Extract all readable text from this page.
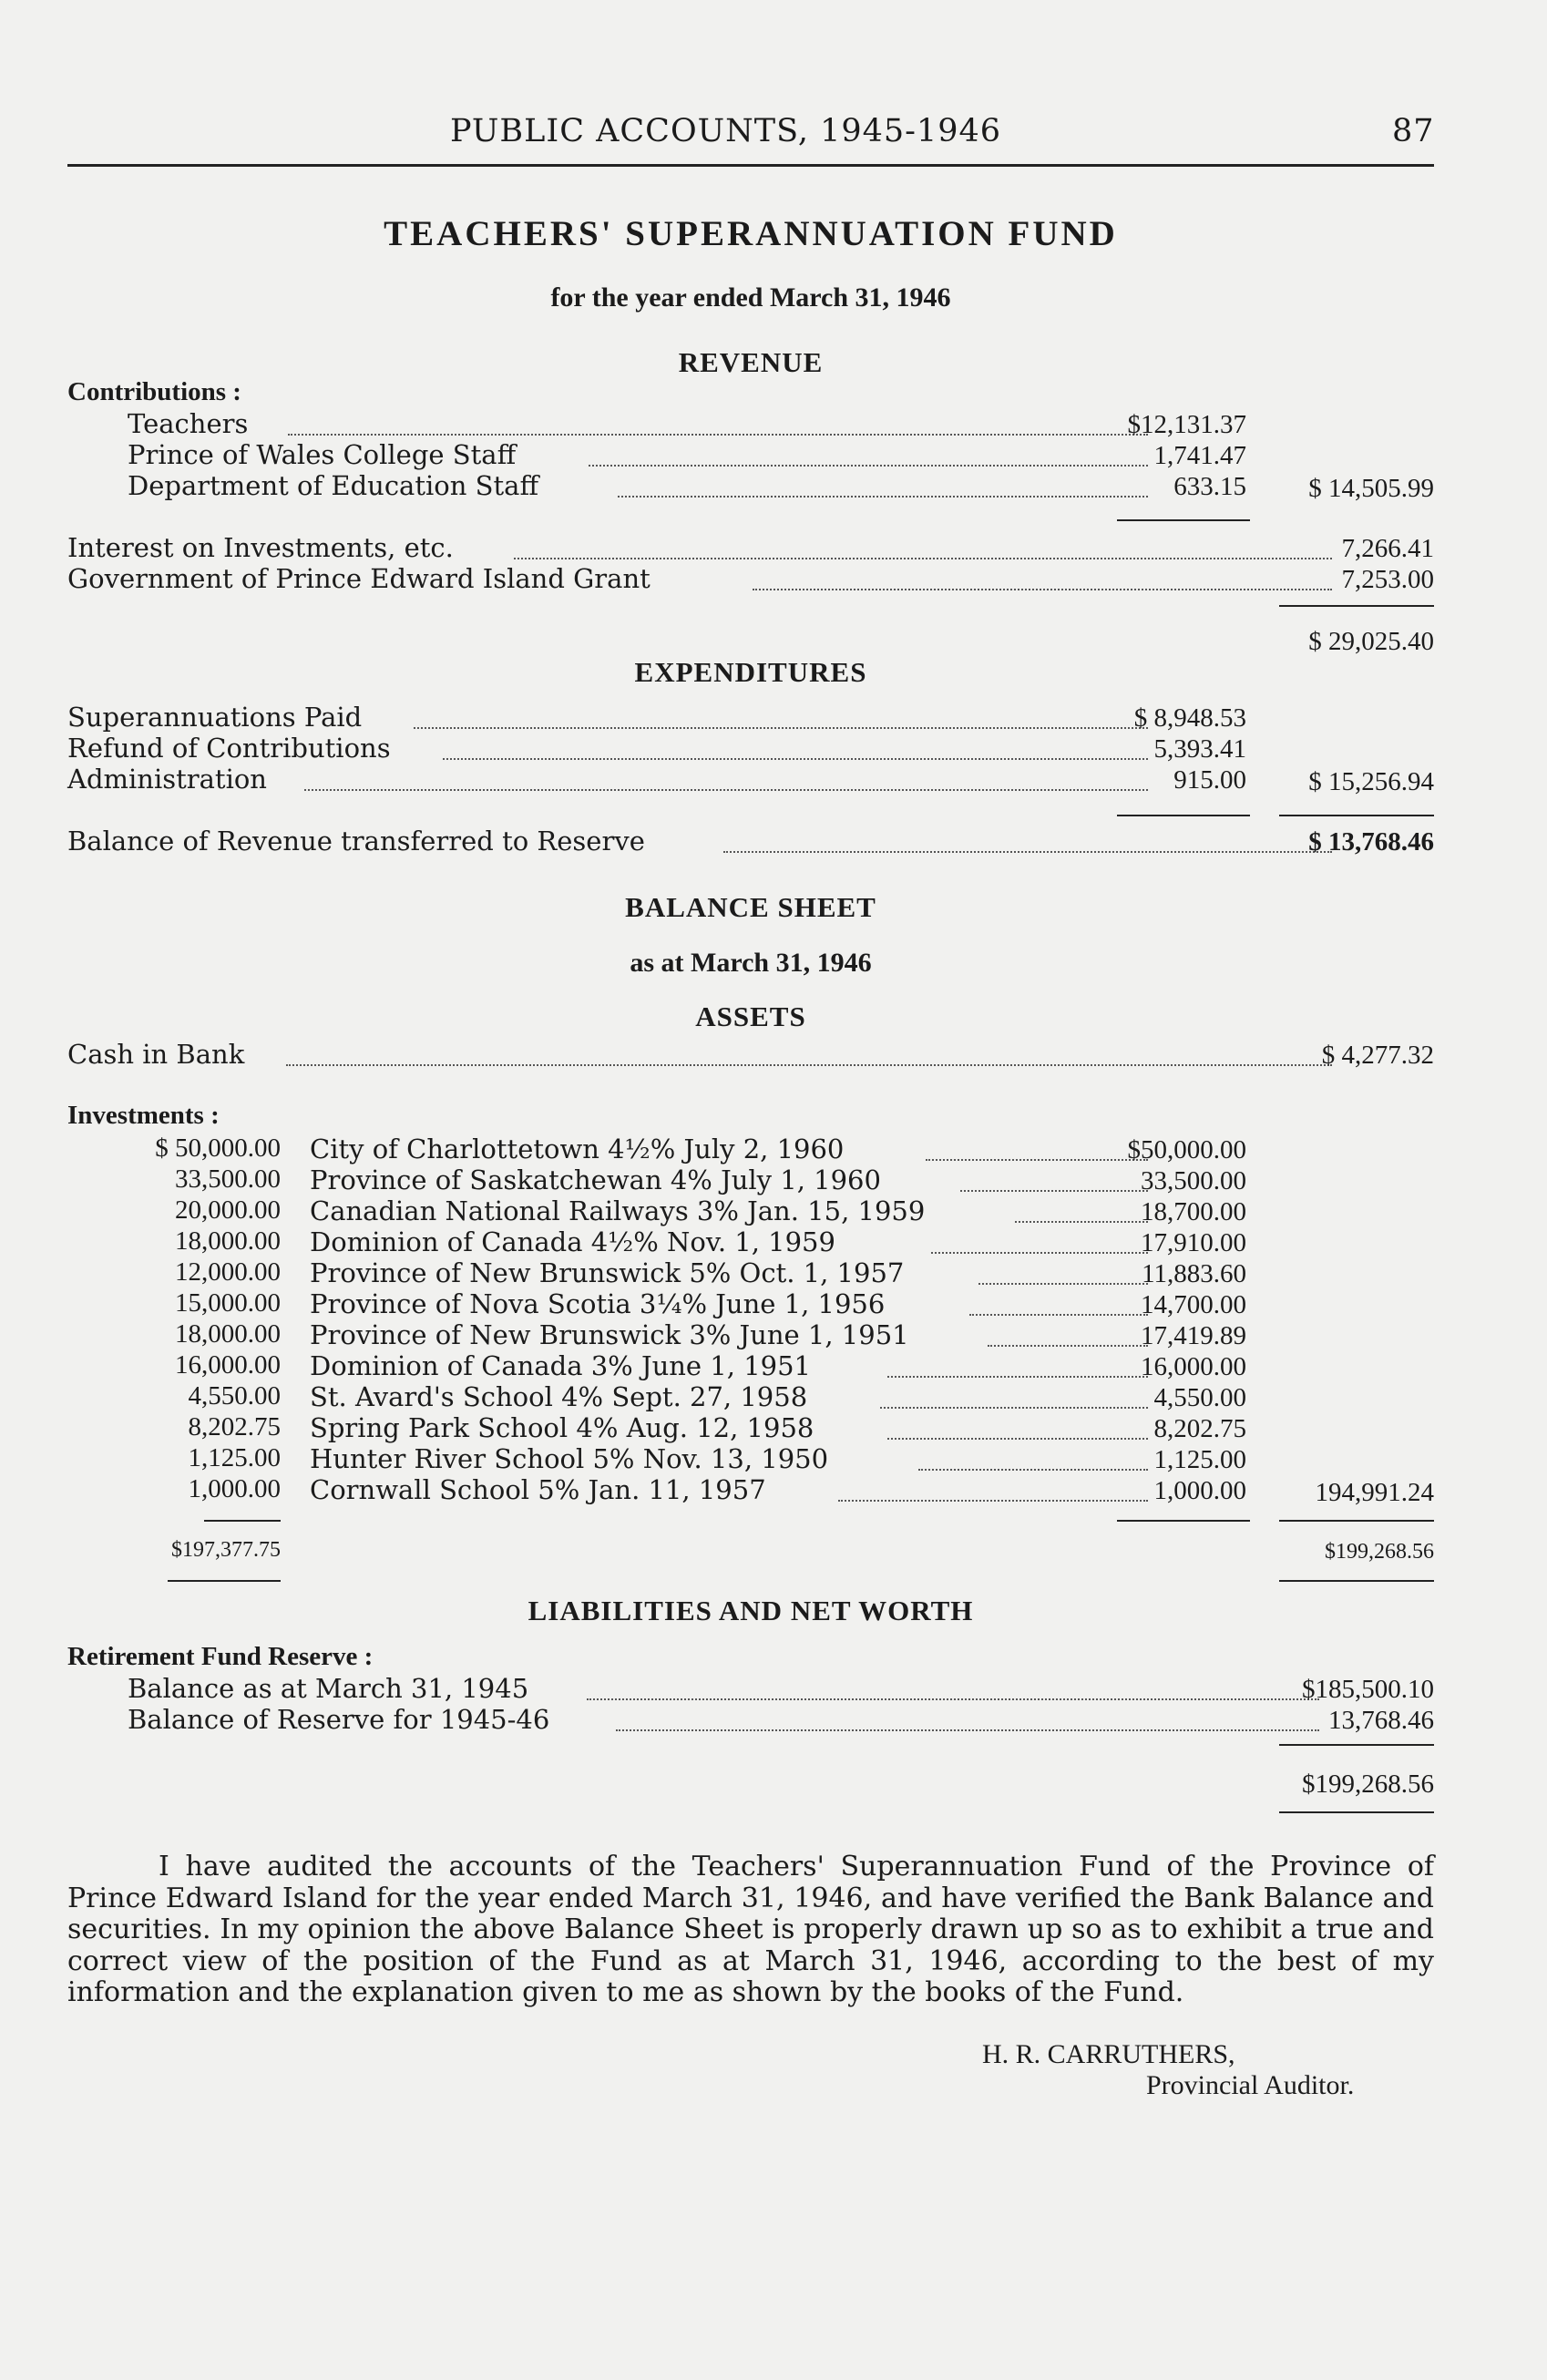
PUBLIC ACCOUNTS, 1945-1946	87
TEACHERS' SUPERANNUATION FUND
for the year ended March 31, 1946
REVENUE
Contributions :
Teachers	$12,131.37
Prince of Wales College Staff	1,741.47
Department of Education Staff	633.15	$ 14,505.99
Interest on Investments, etc.	7,266.41
Government of Prince Edward Island Grant	7,253.00
$ 29,025.40
EXPENDITURES
Superannuations Paid	$ 8,948.53
Refund of Contributions	5,393.41
Administration	915.00	$ 15,256.94
Balance of Revenue transferred to Reserve	$ 13,768.46
BALANCE SHEET
as at March 31, 1946
ASSETS
Cash in Bank	$ 4,277.32
Investments :
$ 50,000.00 City of Charlottetown 4½% July 2, 1960	$50,000.00
33,500.00 Province of Saskatchewan 4% July 1, 1960	33,500.00
20,000.00 Canadian National Railways 3% Jan. 15, 1959	18,700.00
18,000.00 Dominion of Canada 4½% Nov. 1, 1959	17,910.00
12,000.00 Province of New Brunswick 5% Oct. 1, 1957	11,883.60
15,000.00 Province of Nova Scotia 3¼% June 1, 1956	14,700.00
18,000.00 Province of New Brunswick 3% June 1, 1951	17,419.89
16,000.00 Dominion of Canada 3% June 1, 1951	16,000.00
4,550.00 St. Avard's School 4% Sept. 27, 1958	4,550.00
8,202.75 Spring Park School 4% Aug. 12, 1958	8,202.75
1,125.00 Hunter River School 5% Nov. 13, 1950	1,125.00
1,000.00 Cornwall School 5% Jan. 11, 1957	1,000.00	194,991.24
$197,377.75	$199,268.56
LIABILITIES AND NET WORTH
Retirement Fund Reserve :
Balance as at March 31, 1945	$185,500.10
Balance of Reserve for 1945-46	13,768.46
$199,268.56
I have audited the accounts of the Teachers' Superannuation Fund of the Province of Prince Edward Island for the year ended March 31, 1946, and have verified the Bank Balance and securities. In my opinion the above Balance Sheet is properly drawn up so as to exhibit a true and correct view of the position of the Fund as at March 31, 1946, according to the best of my information and the explanation given to me as shown by the books of the Fund.
H. R. CARRUTHERS,
Provincial Auditor.
